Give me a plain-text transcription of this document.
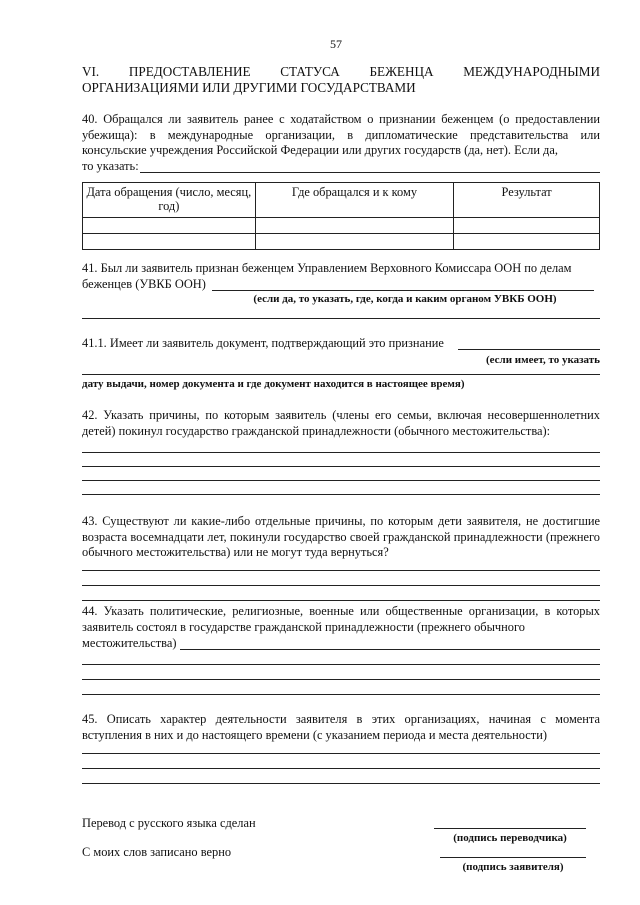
57
VI. ПРЕДОСТАВЛЕНИЕ СТАТУСА БЕЖЕНЦА МЕЖДУНАРОДНЫМИ
ОРГАНИЗАЦИЯМИ ИЛИ ДРУГИМИ ГОСУДАРСТВАМИ
40. Обращался ли заявитель ранее с ходатайством о признании беженцем (о предоставлении убежища): в международные организации, в дипломатические представительства или консульские учреждения Российской Федерации или других государств (да, нет). Если да,
то указать:
Дата обращения (число, месяц, год)	Где обращался и к кому	Результат

41. Был ли заявитель признан беженцем Управлением Верховного Комиссара ООН по делам
беженцев (УВКБ ООН)
(если да, то указать, где, когда и каким органом УВКБ ООН)
41.1. Имеет ли заявитель документ, подтверждающий это признание
(если имеет, то указать
дату выдачи, номер документа и где документ находится в настоящее время)
42. Указать причины, по которым заявитель (члены его семьи, включая несовершеннолетних детей) покинул государство гражданской принадлежности (обычного местожительства):
43. Существуют ли какие-либо отдельные причины, по которым дети заявителя, не достигшие возраста восемнадцати лет, покинули государство своей гражданской принадлежности (прежнего обычного местожительства) или не могут туда вернуться?
44. Указать политические, религиозные, военные или общественные организации, в которых заявитель состоял в государстве гражданской принадлежности (прежнего обычного
местожительства)
45. Описать характер деятельности заявителя в этих организациях, начиная с момента вступления в них и до настоящего времени (с указанием периода и места деятельности)
Перевод с русского языка сделан
(подпись переводчика)
С моих слов записано верно
(подпись заявителя)
